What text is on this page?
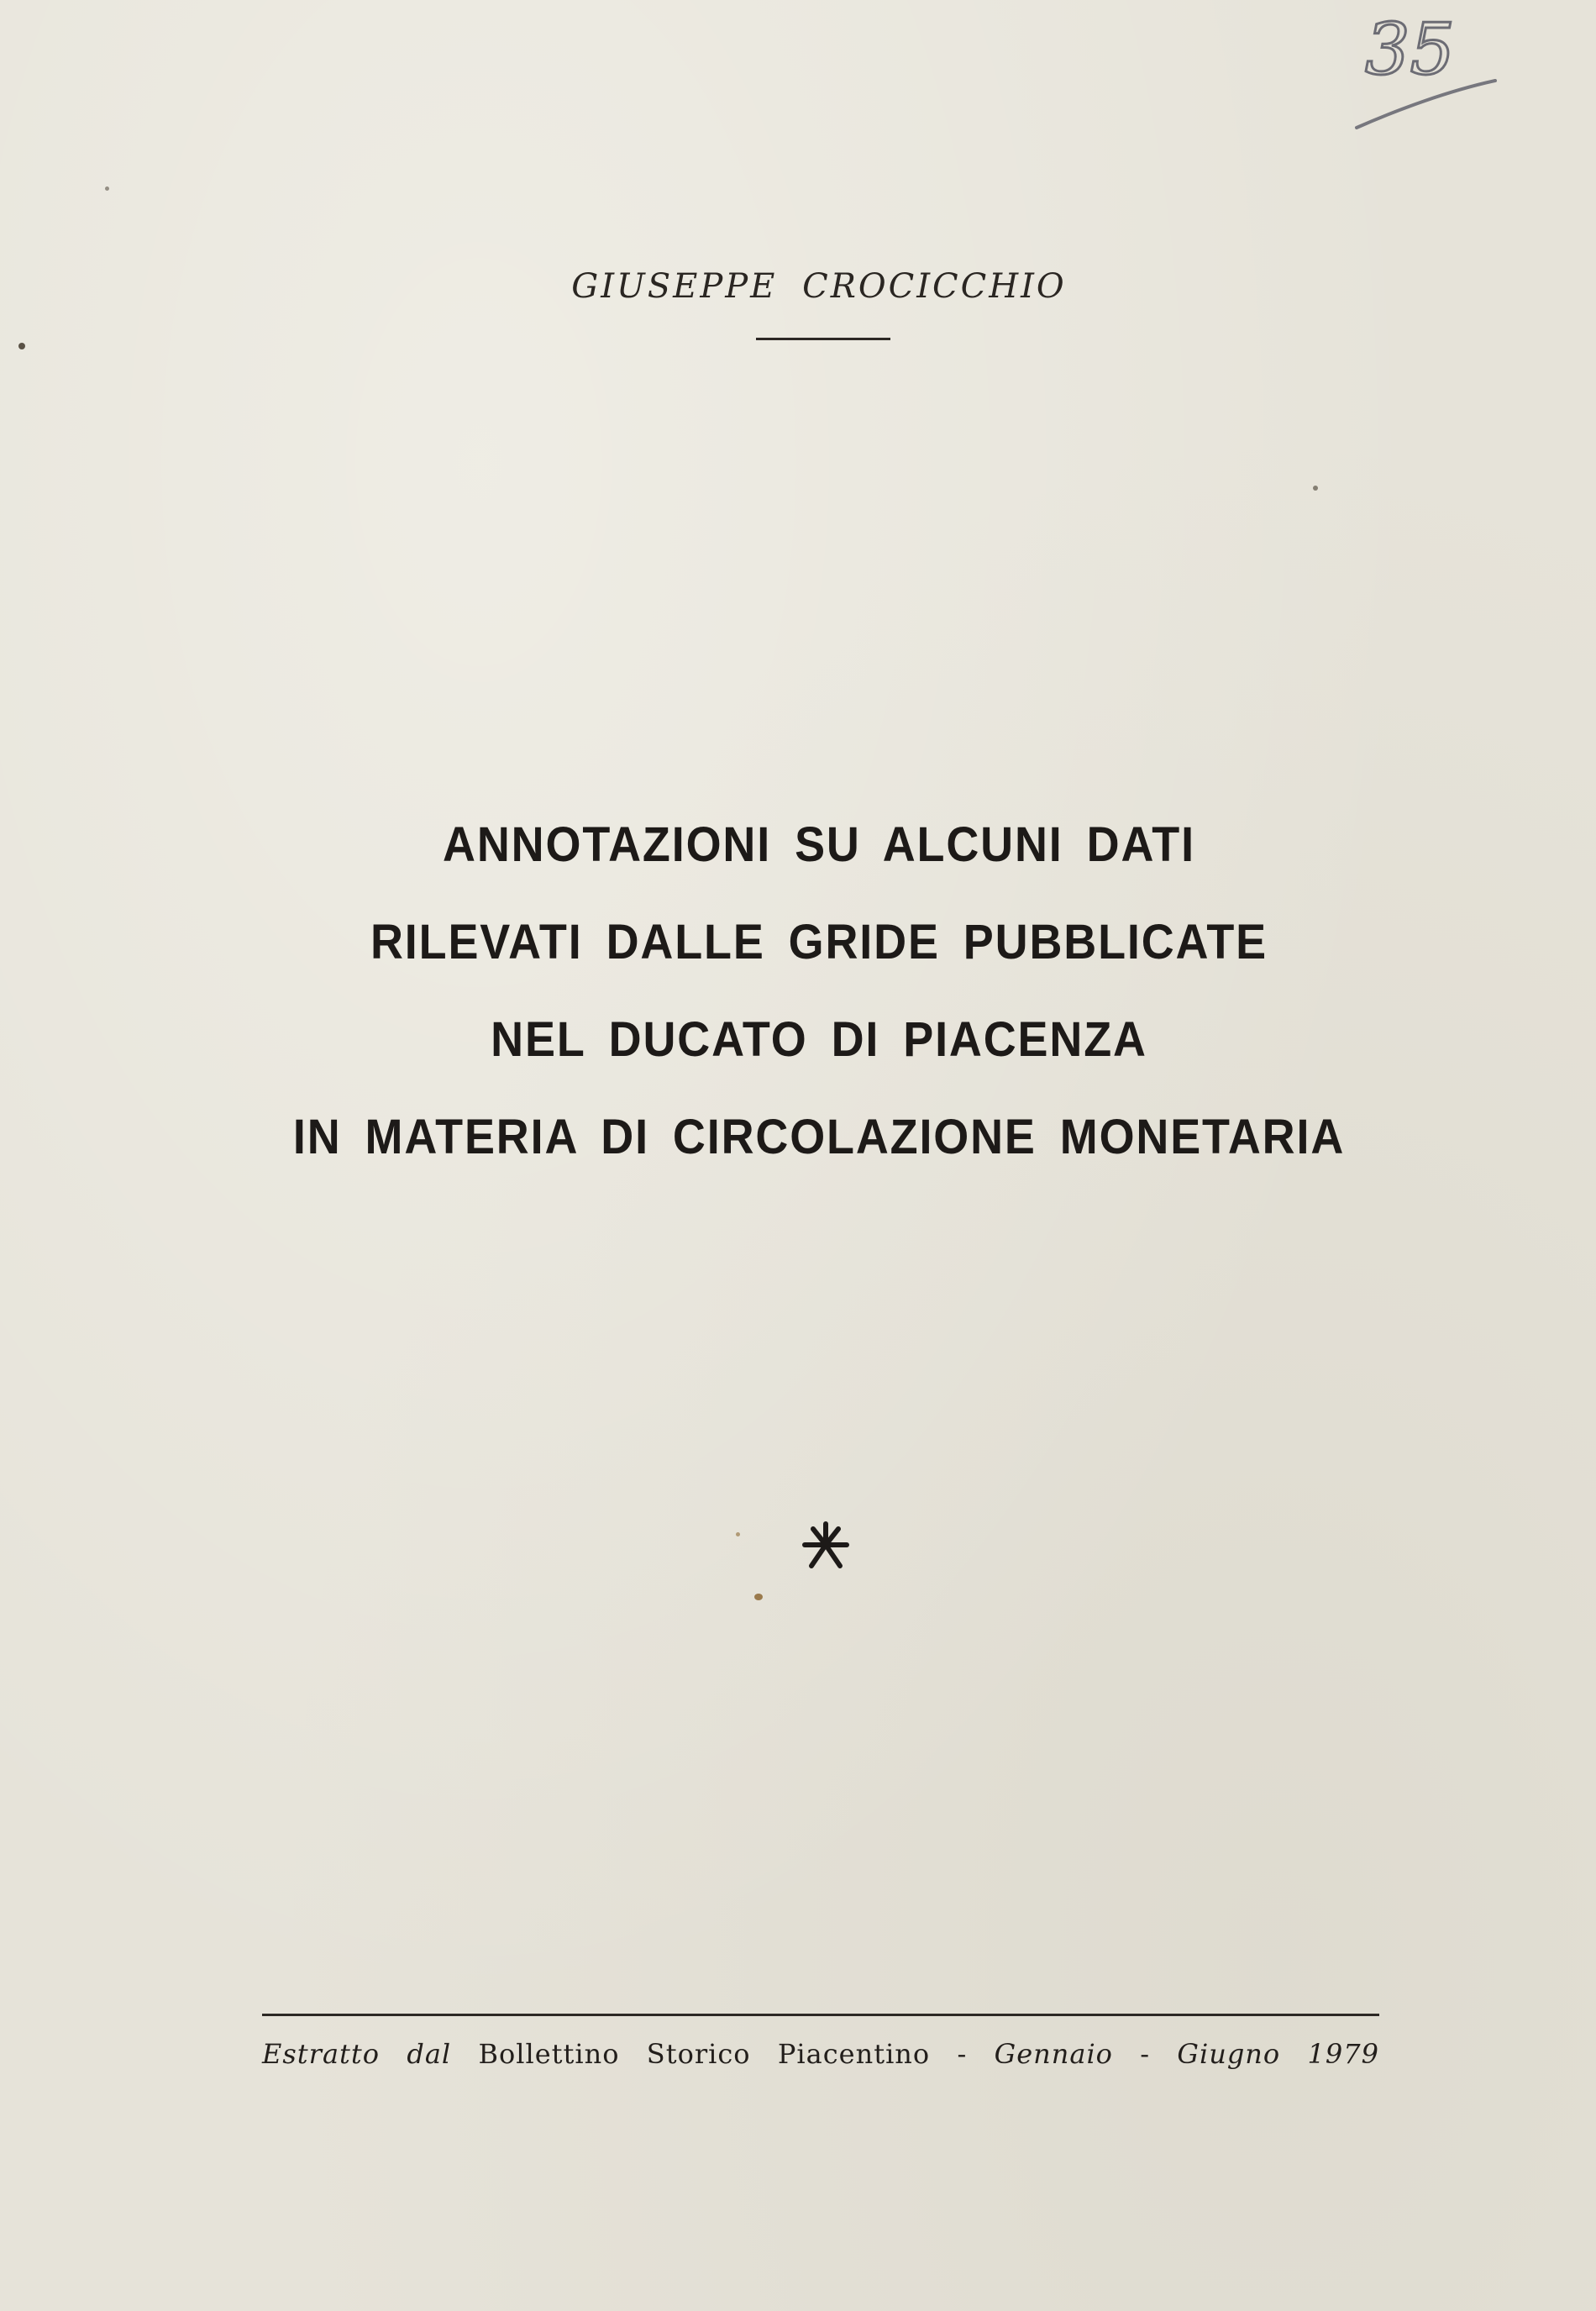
35
GIUSEPPE CROCICCHIO
ANNOTAZIONI SU ALCUNI DATI
RILEVATI DALLE GRIDE PUBBLICATE
NEL DUCATO DI PIACENZA
IN MATERIA DI CIRCOLAZIONE MONETARIA
Estratto dal Bollettino Storico Piacentino - Gennaio - Giugno 1979
